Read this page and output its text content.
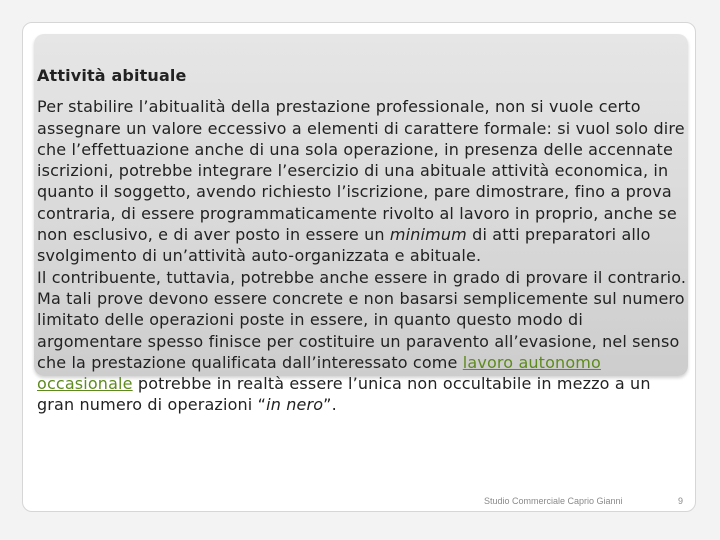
Attività abituale

Per stabilire l’abitualità della prestazione professionale, non si vuole certo assegnare un valore eccessivo a elementi di carattere formale: si vuol solo dire che l’effettuazione anche di una sola operazione, in presenza delle accennate iscrizioni, potrebbe integrare l’esercizio di una abituale attività economica, in quanto il soggetto, avendo richiesto l’iscrizione, pare dimostrare, fino a prova contraria, di essere programmaticamente rivolto al lavoro in proprio, anche se non esclusivo, e di aver posto in essere un minimum di atti preparatori allo svolgimento di un’attività auto-organizzata e abituale.

Il contribuente, tuttavia, potrebbe anche essere in grado di provare il contrario. Ma tali prove devono essere concrete e non basarsi semplicemente sul numero limitato delle operazioni poste in essere, in quanto questo modo di argomentare spesso finisce per costituire un paravento all’evasione, nel senso che la prestazione qualificata dall’interessato come lavoro autonomo occasionale potrebbe in realtà essere l’unica non occultabile in mezzo a un gran numero di operazioni “in nero”.

Studio Commerciale Caprio Gianni	9
